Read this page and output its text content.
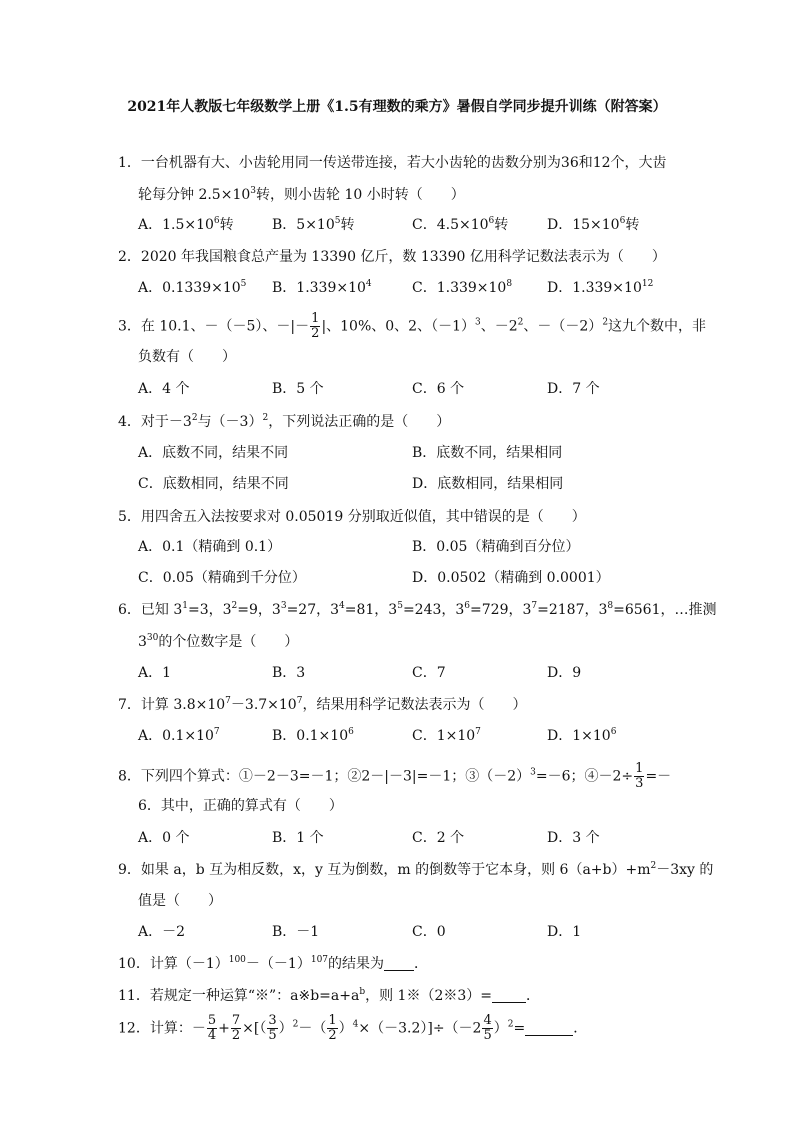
2021年人教版七年级数学上册《1.5有理数的乘方》暑假自学同步提升训练（附答案）
1．一台机器有大、小齿轮用同一传送带连接，若大小齿轮的齿数分别为36和12个，大齿
轮每分钟 $2.5\times 10^3$转，则小齿轮 10 小时转（　　）
A．$1.5\times 10^6$转	B．$5\times 10^5$转	C．$4.5\times 10^6$转	D．$15\times 10^6$转
2．2020 年我国粮食总产量为 13390 亿斤，数 13390 亿用科学记数法表示为（　　）
A．$0.1339\times 10^5$ B．$1.339\times 10^4$	C．$1.339\times 10^8$ D．$1.339\times 10^{12}$
3．在 10.1、－（－5）、－|－ $\frac{1}{2}$ |、10%、0、2、$(-1)^3$、$-2^2$、$-(-2)^2$这九个数中，非
负数有（　　）
A．4 个	B．5 个	C．6 个	D．7 个
4．对于$-3^2$与$(-3)^2$，下列说法正确的是（　　）
A．底数不同，结果不同	B．底数不同，结果相同
C．底数相同，结果不同	D．底数相同，结果相同
5．用四舍五入法按要求对 0.05019 分别取近似值，其中错误的是（　　）
A．0.1（精确到 0.1）	B．0.05（精确到百分位）
C．0.05（精确到千分位）	D．0.0502（精确到 0.0001）
6．已知 $3^1=3$，$3^2=9$，$3^3=27$，$3^4=81$，$3^5=243$，$3^6=729$，$3^7=2187$，$3^8=6561$，…推测
$3^{30}$的个位数字是（　　）
A．1	B．3	C．7	D．9
7．计算 $3.8\times 10^7-3.7\times 10^7$，结果用科学记数法表示为（　　）
A．$0.1\times 10^7$	B．$0.1\times 10^6$	C．$1\times 10^7$	D．$1\times 10^6$
8．下列四个算式：①－2－3=－1；②2－|－3|=－1；$③(-2)^3=-6$；④－2÷ $\frac{1}{3}$ =－
6．其中，正确的算式有（　　）
A．0 个	B．1 个	C．2 个	D．3 个
9．如果 a，b 互为相反数，x，y 互为倒数，m 的倒数等于它本身，则 $6(a+b)+m^2-3xy$ 的
值是（　　）
A．－2	B．－1	C．0	D．1
10．计算$(-1)^{100}-(-1)^{107}$的结果为 ．
11．若规定一种运算“※”：$a※b=a+a^b$，则 1※（2※3）= ．
12．计算：－ $\frac{5}{4} + \frac{7}{2}$ ×[（ $\frac{3}{5} )^2-( \frac{1}{2} )^4\times(-3.2)]\div(-2 \frac{4}{5} )^2=$	．
